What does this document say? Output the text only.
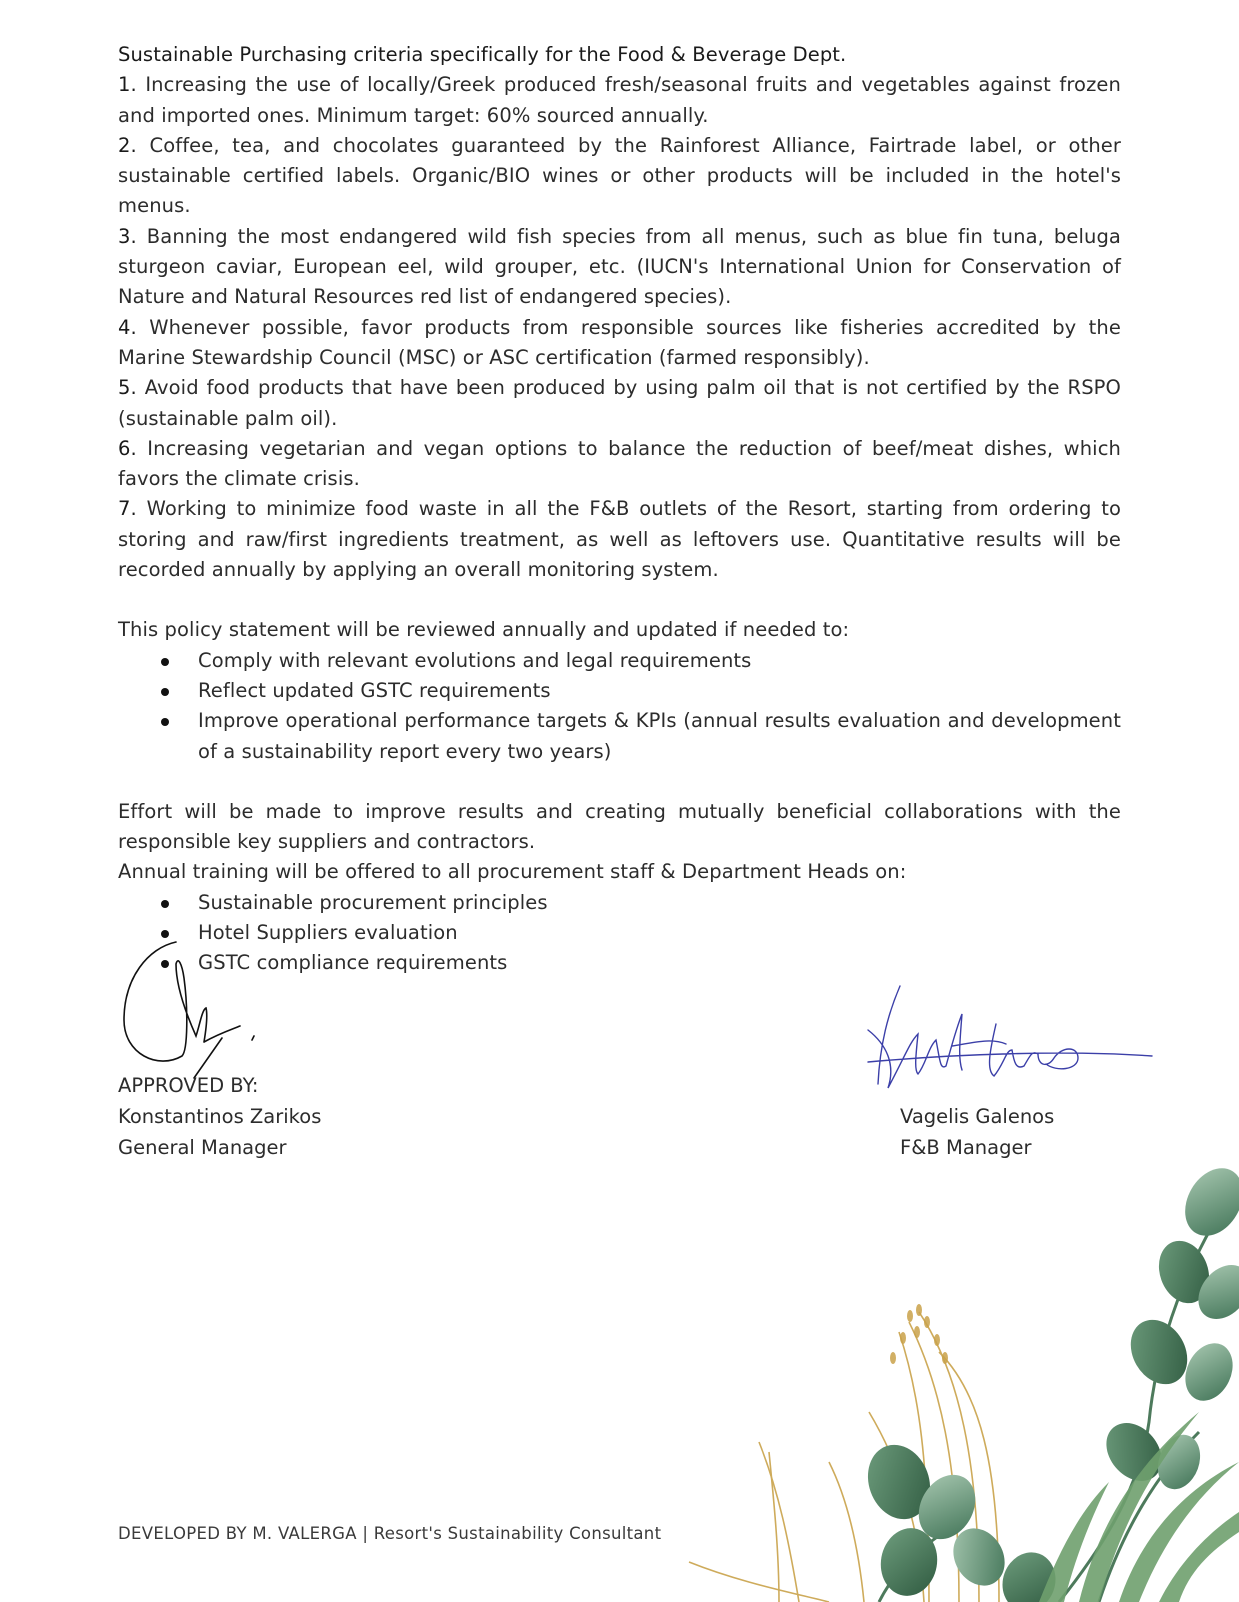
Sustainable Purchasing criteria specifically for the Food & Beverage Dept.

1. Increasing the use of locally/Greek produced fresh/seasonal fruits and vegetables against frozen and imported ones. Minimum target: 60% sourced annually.

2. Coffee, tea, and chocolates guaranteed by the Rainforest Alliance, Fairtrade label, or other sustainable certified labels. Organic/BIO wines or other products will be included in the hotel's menus.

3. Banning the most endangered wild fish species from all menus, such as blue fin tuna, beluga sturgeon caviar, European eel, wild grouper, etc. (IUCN's International Union for Conservation of Nature and Natural Resources red list of endangered species).

4. Whenever possible, favor products from responsible sources like fisheries accredited by the Marine Stewardship Council (MSC) or ASC certification (farmed responsibly).

5. Avoid food products that have been produced by using palm oil that is not certified by the RSPO (sustainable palm oil).

6. Increasing vegetarian and vegan options to balance the reduction of beef/meat dishes, which favors the climate crisis.

7. Working to minimize food waste in all the F&B outlets of the Resort, starting from ordering to storing and raw/first ingredients treatment, as well as leftovers use. Quantitative results will be recorded annually by applying an overall monitoring system.

This policy statement will be reviewed annually and updated if needed to:

Comply with relevant evolutions and legal requirements
Reflect updated GSTC requirements
Improve operational performance targets & KPIs (annual results evaluation and development of a sustainability report every two years)

Effort will be made to improve results and creating mutually beneficial collaborations with the responsible key suppliers and contractors.

Annual training will be offered to all procurement staff & Department Heads on:

Sustainable procurement principles
Hotel Suppliers evaluation
GSTC compliance requirements
APPROVED BY:
Konstantinos Zarikos
General Manager
Vagelis Galenos
F&B Manager
DEVELOPED BY M. VALERGA | Resort's Sustainability Consultant
